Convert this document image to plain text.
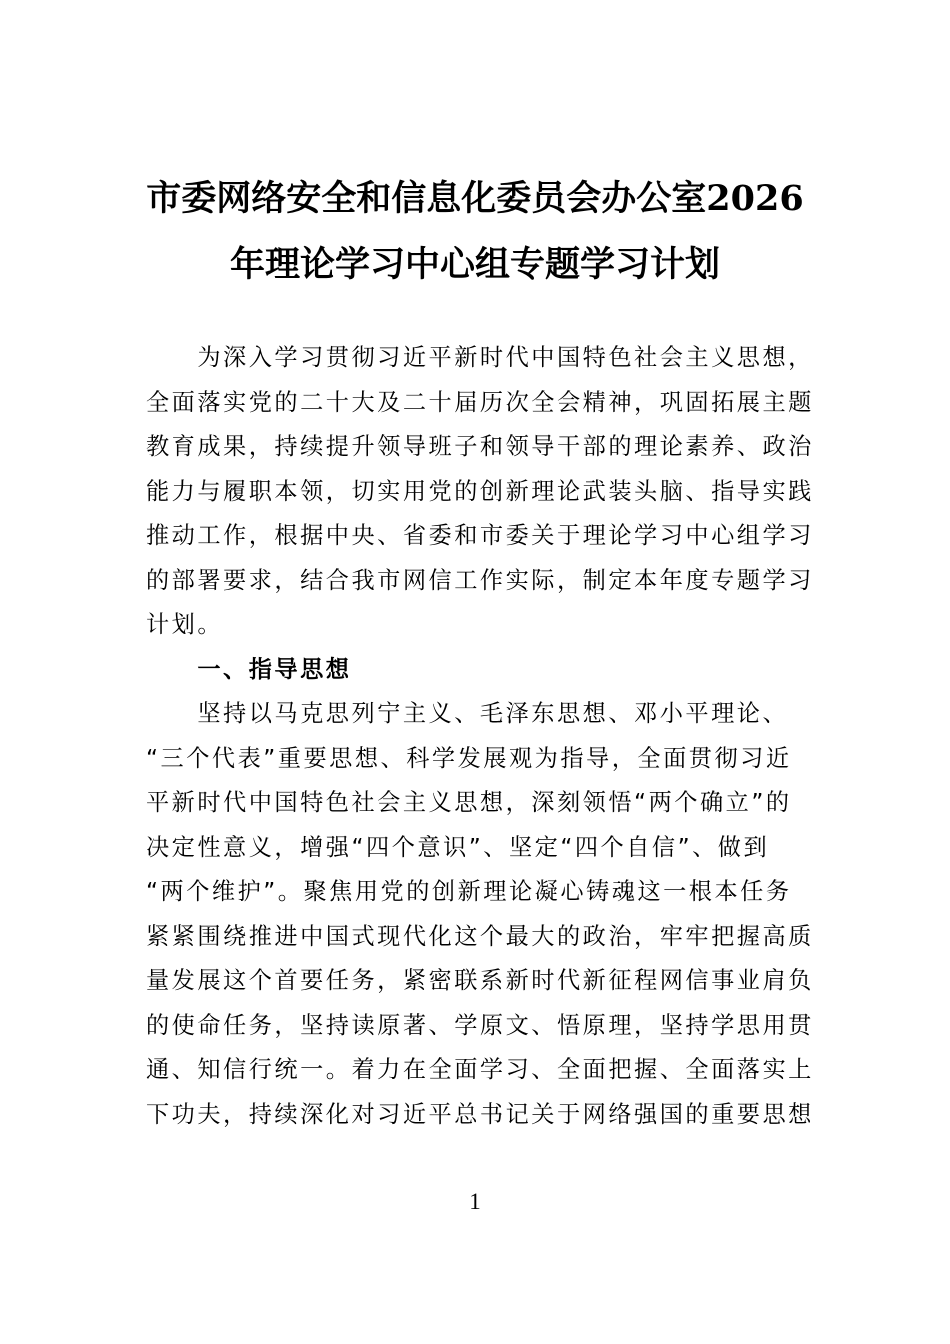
市委网络安全和信息化委员会办公室2026
年理论学习中心组专题学习计划
　　为深入学习贯彻习近平新时代中国特色社会主义思想，
全面落实党的二十大及二十届历次全会精神，巩固拓展主题
教育成果，持续提升领导班子和领导干部的理论素养、政治
能力与履职本领，切实用党的创新理论武装头脑、指导实践
推动工作，根据中央、省委和市委关于理论学习中心组学习
的部署要求，结合我市网信工作实际，制定本年度专题学习
计划。
　　一、指导思想
　　坚持以马克思列宁主义、毛泽东思想、邓小平理论、
“三个代表”重要思想、科学发展观为指导，全面贯彻习近
平新时代中国特色社会主义思想，深刻领悟“两个确立”的
决定性意义，增强“四个意识”、坚定“四个自信”、做到
“两个维护”。聚焦用党的创新理论凝心铸魂这一根本任务
紧紧围绕推进中国式现代化这个最大的政治，牢牢把握高质
量发展这个首要任务，紧密联系新时代新征程网信事业肩负
的使命任务，坚持读原著、学原文、悟原理，坚持学思用贯
通、知信行统一。着力在全面学习、全面把握、全面落实上
下功夫，持续深化对习近平总书记关于网络强国的重要思想
1
